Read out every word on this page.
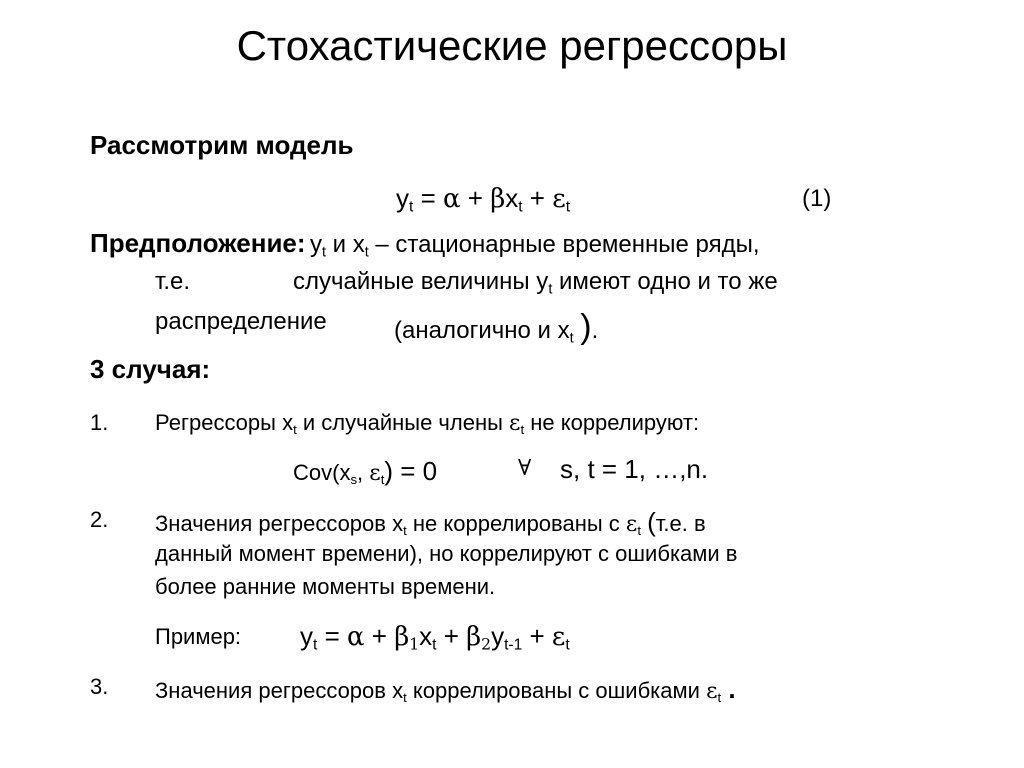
Стохастические регрессоры
Рассмотрим модель
$y_t = \alpha + \beta x_t + \varepsilon_t$	(1)
Предположение: $y_t$ и $x_t$ – стационарные временные ряды,
т.е.	случайные величины $y_t$ имеют одно и то же
распределение	(аналогично и $x_t$ ).
3 случая:
1. Регрессоры $x_t$ и случайные члены $\varepsilon_t$ не коррелируют:
$Cov(x_s$, $\varepsilon_t) = 0$	∀ s, t = 1, …,n.
2. Значения регрессоров $x_t$ не коррелированы с $\varepsilon_t$ (т.е. в
данный момент времени), но коррелируют с ошибками в
более ранние моменты времени.
Пример: $y_t = \alpha + \beta_1x_t + \beta_2y_{t-1} + \varepsilon_t$
3. Значения регрессоров $x_t$ коррелированы с ошибками $\varepsilon_t$ .
